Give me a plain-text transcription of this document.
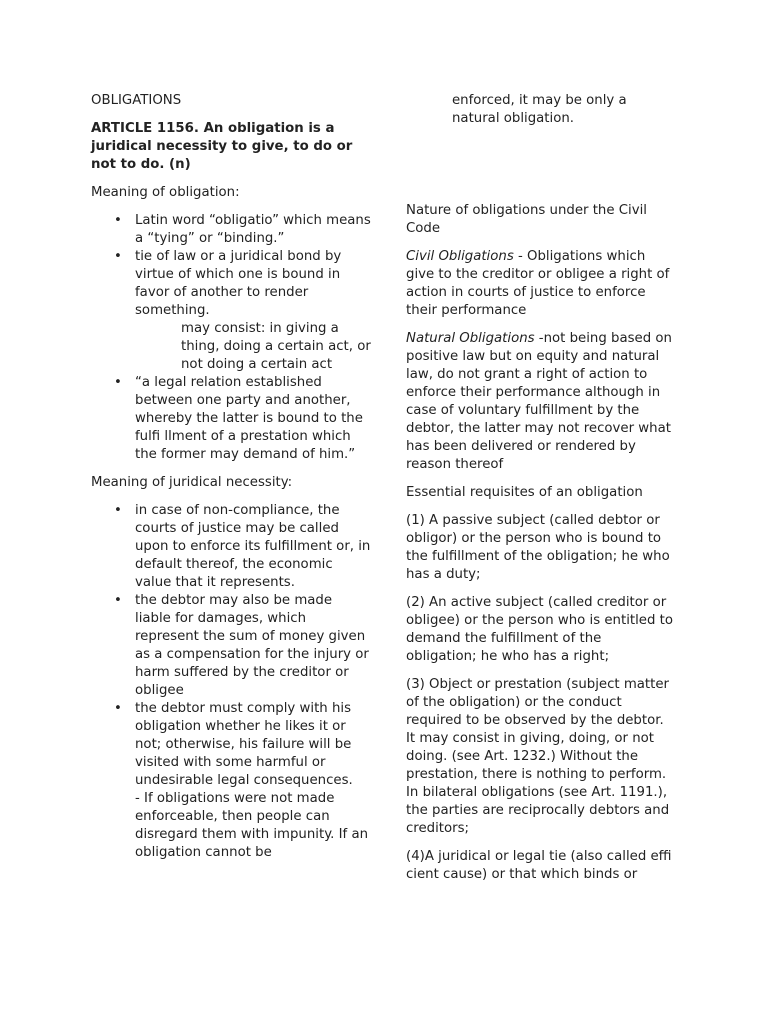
OBLIGATIONS

ARTICLE 1156. An obligation is a juridical necessity to give, to do or not to do. (n)

Meaning of obligation:

• Latin word “obligatio” which means a “tying” or “binding.”
• tie of law or a juridical bond by virtue of which one is bound in favor of another to render something.

may consist: in giving a thing, doing a certain act, or not doing a certain act

• “a legal relation established between one party and another, whereby the latter is bound to the fulfi llment of a prestation which the former may demand of him.”

Meaning of juridical necessity:

• in case of non-compliance, the courts of justice may be called upon to enforce its fulfillment or, in default thereof, the economic value that it represents.
• the debtor may also be made liable for damages, which represent the sum of money given as a compensation for the injury or harm suffered by the creditor or obligee
• the debtor must comply with his obligation whether he likes it or not; otherwise, his failure will be visited with some harmful or undesirable legal consequences.
- If obligations were not made enforceable, then people can disregard them with impunity. If an obligation cannot be

enforced, it may be only a natural obligation.

Nature of obligations under the Civil Code

Civil Obligations - Obligations which give to the creditor or obligee a right of action in courts of justice to enforce their performance

Natural Obligations -not being based on positive law but on equity and natural law, do not grant a right of action to enforce their performance although in case of voluntary fulfillment by the debtor, the latter may not recover what has been delivered or rendered by reason thereof

Essential requisites of an obligation

(1) A passive subject (called debtor or obligor) or the person who is bound to the fulfillment of the obligation; he who has a duty;

(2) An active subject (called creditor or obligee) or the person who is entitled to demand the fulfillment of the obligation; he who has a right;

(3) Object or prestation (subject matter of the obligation) or the conduct required to be observed by the debtor. It may consist in giving, doing, or not doing. (see Art. 1232.) Without the prestation, there is nothing to perform. In bilateral obligations (see Art. 1191.), the parties are reciprocally debtors and creditors;

(4)A juridical or legal tie (also called effi cient cause) or that which binds or
